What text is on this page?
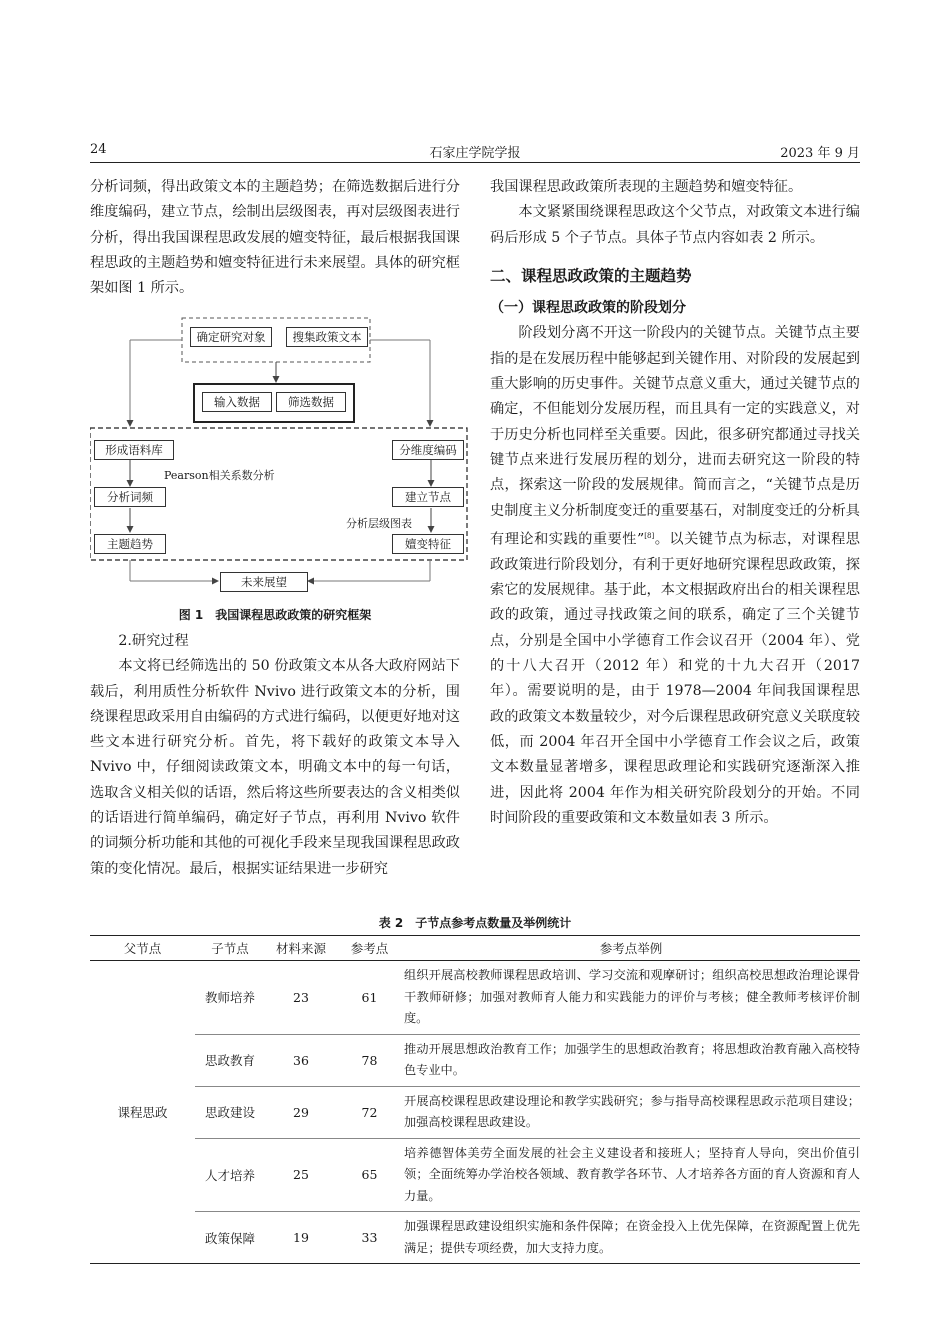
24	石家庄学院学报	2023 年 9 月

分析词频，得出政策文本的主题趋势；在筛选数据后进行分维度编码，建立节点，绘制出层级图表，再对层级图表进行分析，得出我国课程思政发展的嬗变特征，最后根据我国课程思政的主题趋势和嬗变特征进行未来展望。具体的研究框架如图 1 所示。

确定研究对象	搜集政策文本
输入数据	筛选数据
形成语料库
Pearson相关系数分析
分析词频
主题趋势
分维度编码
建立节点
分析层级图表
嬗变特征
未来展望
图 1　我国课程思政政策的研究框架

2.研究过程

本文将已经筛选出的 50 份政策文本从各大政府网站下载后，利用质性分析软件 Nvivo 进行政策文本的分析，围绕课程思政采用自由编码的方式进行编码，以便更好地对这些文本进行研究分析。首先，将下载好的政策文本导入 Nvivo 中，仔细阅读政策文本，明确文本中的每一句话，选取含义相关似的话语，然后将这些所要表达的含义相类似的话语进行简单编码，确定好子节点，再利用 Nvivo 软件的词频分析功能和其他的可视化手段来呈现我国课程思政政策的变化情况。最后，根据实证结果进一步研究

我国课程思政政策所表现的主题趋势和嬗变特征。

本文紧紧围绕课程思政这个父节点，对政策文本进行编码后形成 5 个子节点。具体子节点内容如表 2 所示。

二、课程思政政策的主题趋势

（一）课程思政政策的阶段划分

阶段划分离不开这一阶段内的关键节点。关键节点主要指的是在发展历程中能够起到关键作用、对阶段的发展起到重大影响的历史事件。关键节点意义重大，通过关键节点的确定，不但能划分发展历程，而且具有一定的实践意义，对于历史分析也同样至关重要。因此，很多研究都通过寻找关键节点来进行发展历程的划分，进而去研究这一阶段的特点，探索这一阶段的发展规律。简而言之，“关键节点是历史制度主义分析制度变迁的重要基石，对制度变迁的分析具有理论和实践的重要性”[8]。以关键节点为标志，对课程思政政策进行阶段划分，有利于更好地研究课程思政政策，探索它的发展规律。基于此，本文根据政府出台的相关课程思政的政策，通过寻找政策之间的联系，确定了三个关键节点，分别是全国中小学德育工作会议召开（2004 年）、党的十八大召开（2012 年）和党的十九大召开（2017 年）。需要说明的是，由于 1978—2004 年间我国课程思政的政策文本数量较少，对今后课程思政研究意义关联度较低，而 2004 年召开全国中小学德育工作会议之后，政策文本数量显著增多，课程思政理论和实践研究逐渐深入推进，因此将 2004 年作为相关研究阶段划分的开始。不同时间阶段的重要政策和文本数量如表 3 所示。

表 2　子节点参考点数量及举例统计
父节点	子节点	材料来源	参考点	参考点举例
课程思政	教师培养	23	61	组织开展高校教师课程思政培训、学习交流和观摩研讨；组织高校思想政治理论课骨干教师研修；加强对教师育人能力和实践能力的评价与考核；健全教师考核评价制度。
	思政教育	36	78	推动开展思想政治教育工作；加强学生的思想政治教育；将思想政治教育融入高校特色专业中。
	思政建设	29	72	开展高校课程思政建设理论和教学实践研究；参与指导高校课程思政示范项目建设；加强高校课程思政建设。
	人才培养	25	65	培养德智体美劳全面发展的社会主义建设者和接班人；坚持育人导向，突出价值引领；全面统筹办学治校各领域、教育教学各环节、人才培养各方面的育人资源和育人力量。
	政策保障	19	33	加强课程思政建设组织实施和条件保障；在资金投入上优先保障，在资源配置上优先满足；提供专项经费，加大支持力度。
